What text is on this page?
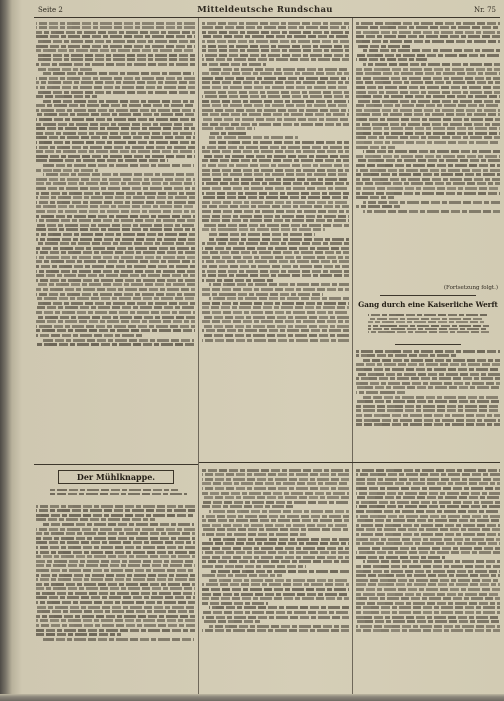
Seite 2	Mitteldeutsche Rundschau	Nr. 75
(Fortsetzung folgt.)
Gang durch eine Kaiserliche Werft
Der Mühlknappe.
